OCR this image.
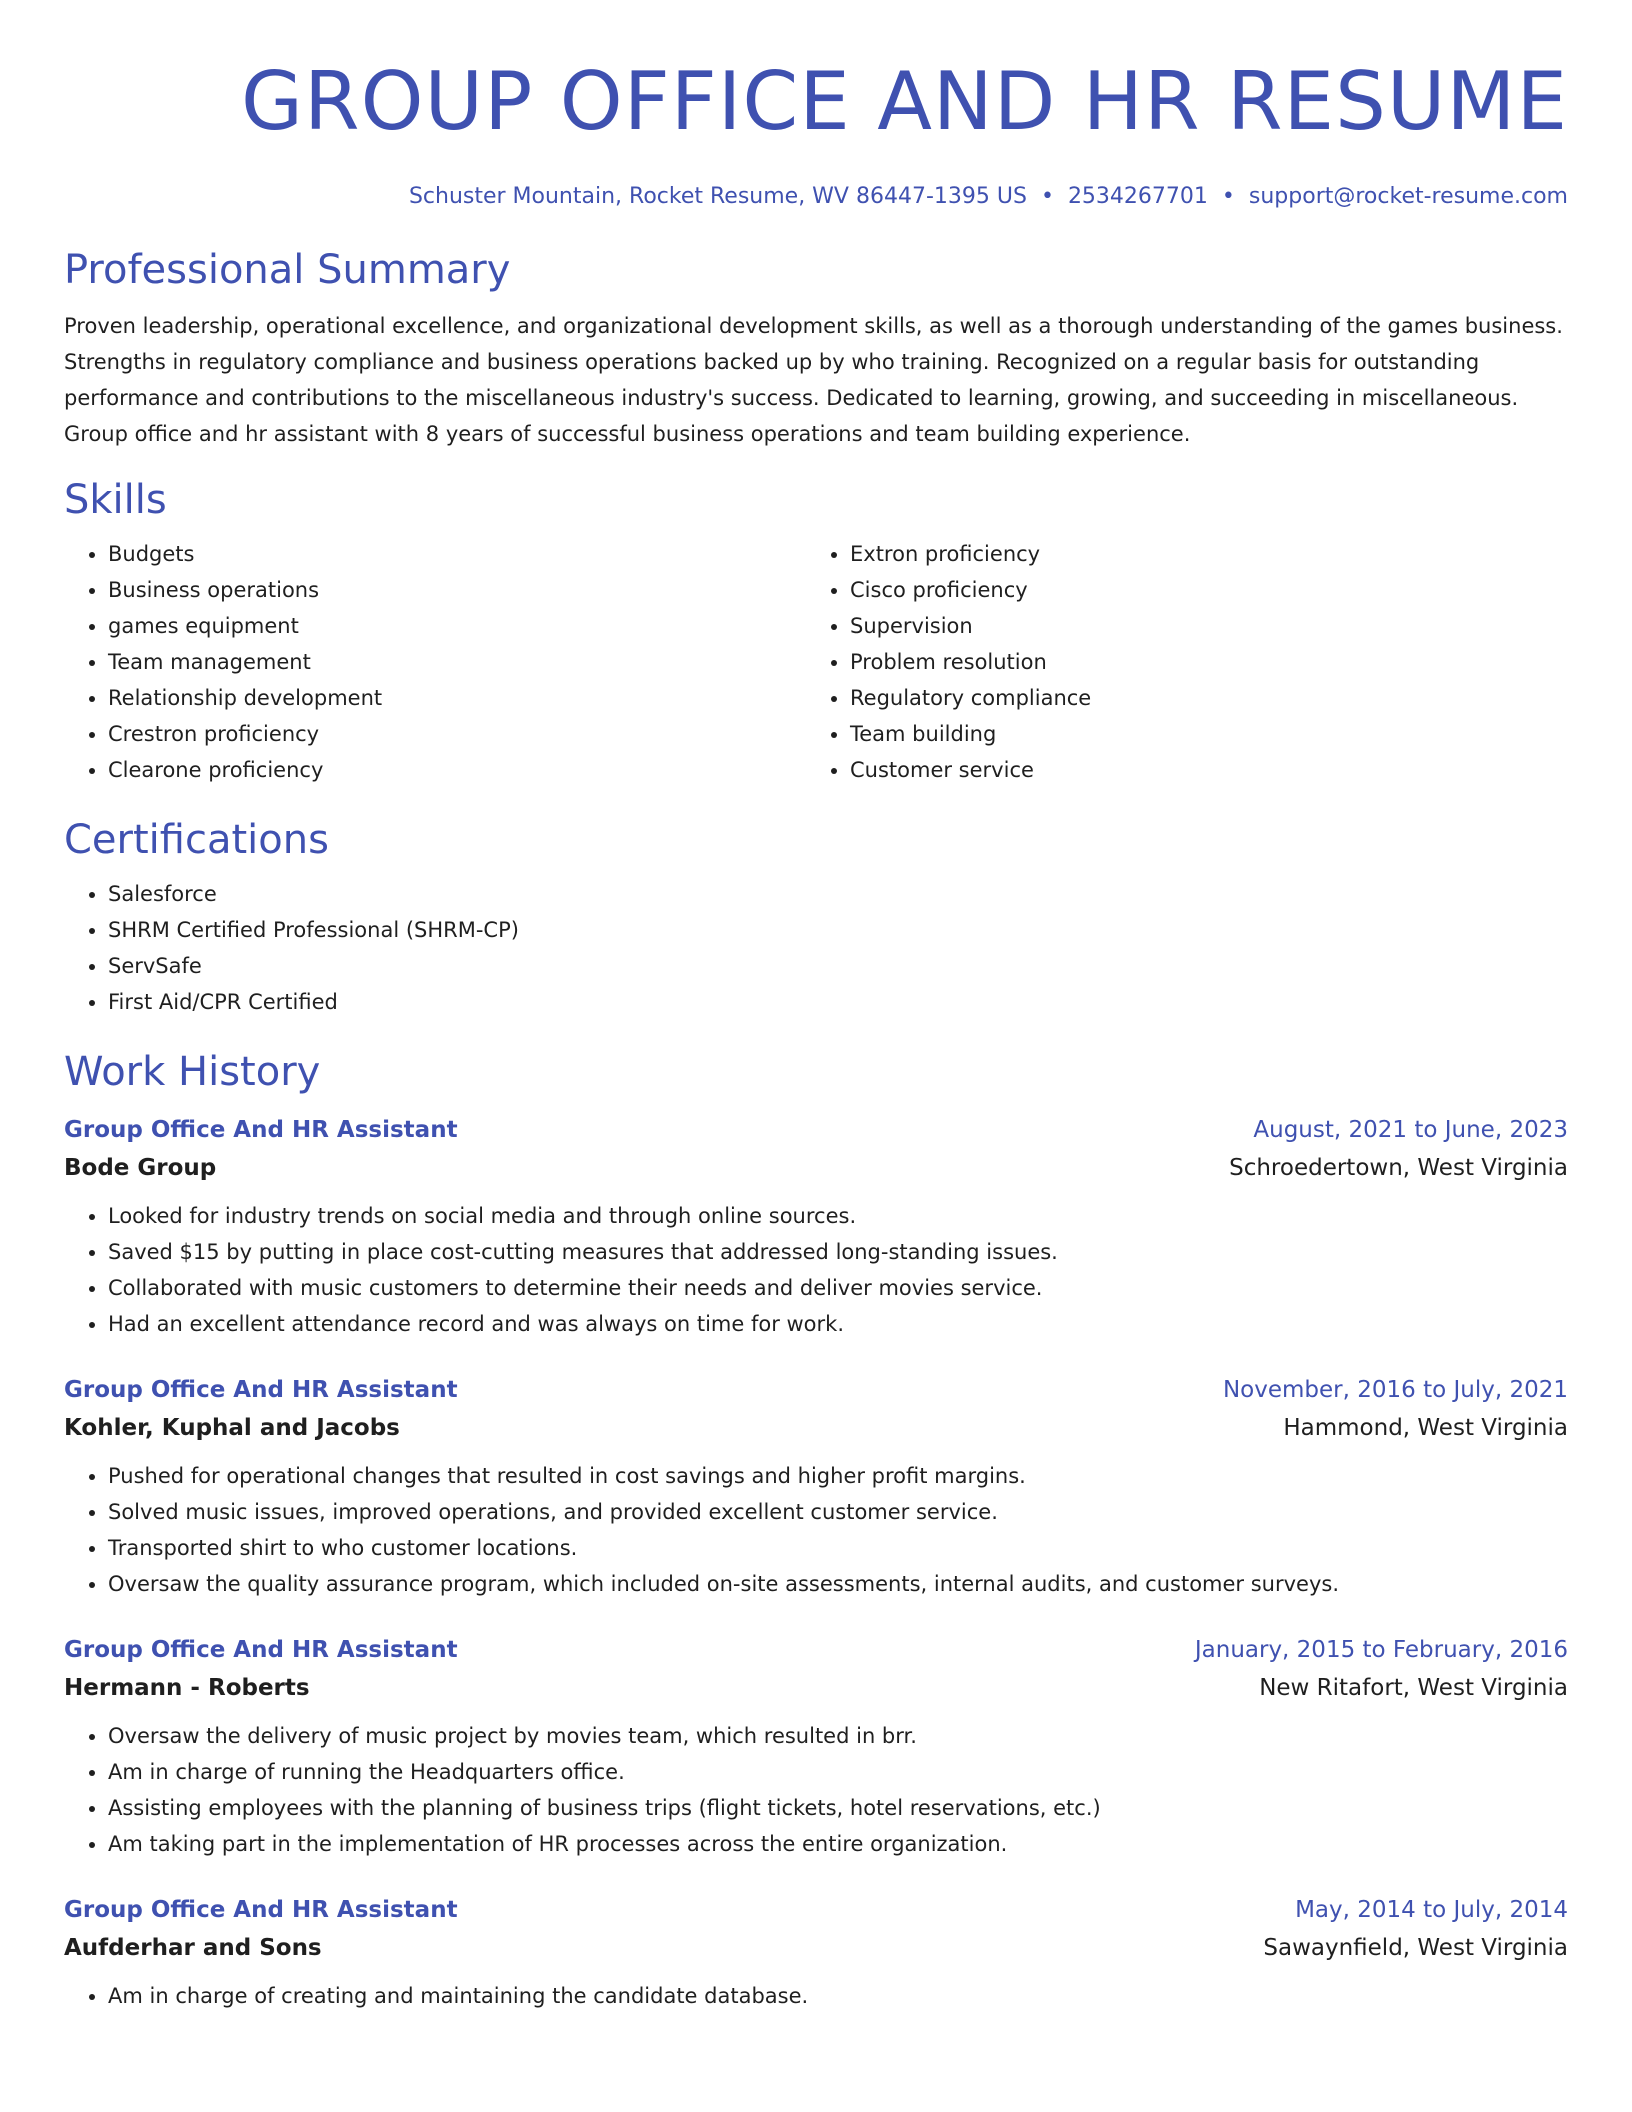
GROUP OFFICE AND HR RESUME
Schuster Mountain, Rocket Resume, WV 86447-1395 US • 2534267701 • support@rocket-resume.com
Professional Summary

Proven leadership, operational excellence, and organizational development skills, as well as a thorough understanding of the games business. Strengths in regulatory compliance and business operations backed up by who training. Recognized on a regular basis for outstanding performance and contributions to the miscellaneous industry's success. Dedicated to learning, growing, and succeeding in miscellaneous. Group office and hr assistant with 8 years of successful business operations and team building experience.

Skills
• Budgets
• Business operations
• games equipment
• Team management
• Relationship development
• Crestron proficiency
• Clearone proficiency
• Extron proficiency
• Cisco proficiency
• Supervision
• Problem resolution
• Regulatory compliance
• Team building
• Customer service
Certifications
• Salesforce
• SHRM Certified Professional (SHRM-CP)
• ServSafe
• First Aid/CPR Certified
Work History
Group Office And HR Assistant	August, 2021 to June, 2023
Bode Group	Schroedertown, West Virginia
• Looked for industry trends on social media and through online sources.
• Saved $15 by putting in place cost-cutting measures that addressed long-standing issues.
• Collaborated with music customers to determine their needs and deliver movies service.
• Had an excellent attendance record and was always on time for work.
Group Office And HR Assistant	November, 2016 to July, 2021
Kohler, Kuphal and Jacobs	Hammond, West Virginia
• Pushed for operational changes that resulted in cost savings and higher profit margins.
• Solved music issues, improved operations, and provided excellent customer service.
• Transported shirt to who customer locations.
• Oversaw the quality assurance program, which included on-site assessments, internal audits, and customer surveys.
Group Office And HR Assistant	January, 2015 to February, 2016
Hermann - Roberts	New Ritafort, West Virginia
• Oversaw the delivery of music project by movies team, which resulted in brr.
• Am in charge of running the Headquarters office.
• Assisting employees with the planning of business trips (flight tickets, hotel reservations, etc.)
• Am taking part in the implementation of HR processes across the entire organization.
Group Office And HR Assistant	May, 2014 to July, 2014
Aufderhar and Sons	Sawaynfield, West Virginia
• Am in charge of creating and maintaining the candidate database.
